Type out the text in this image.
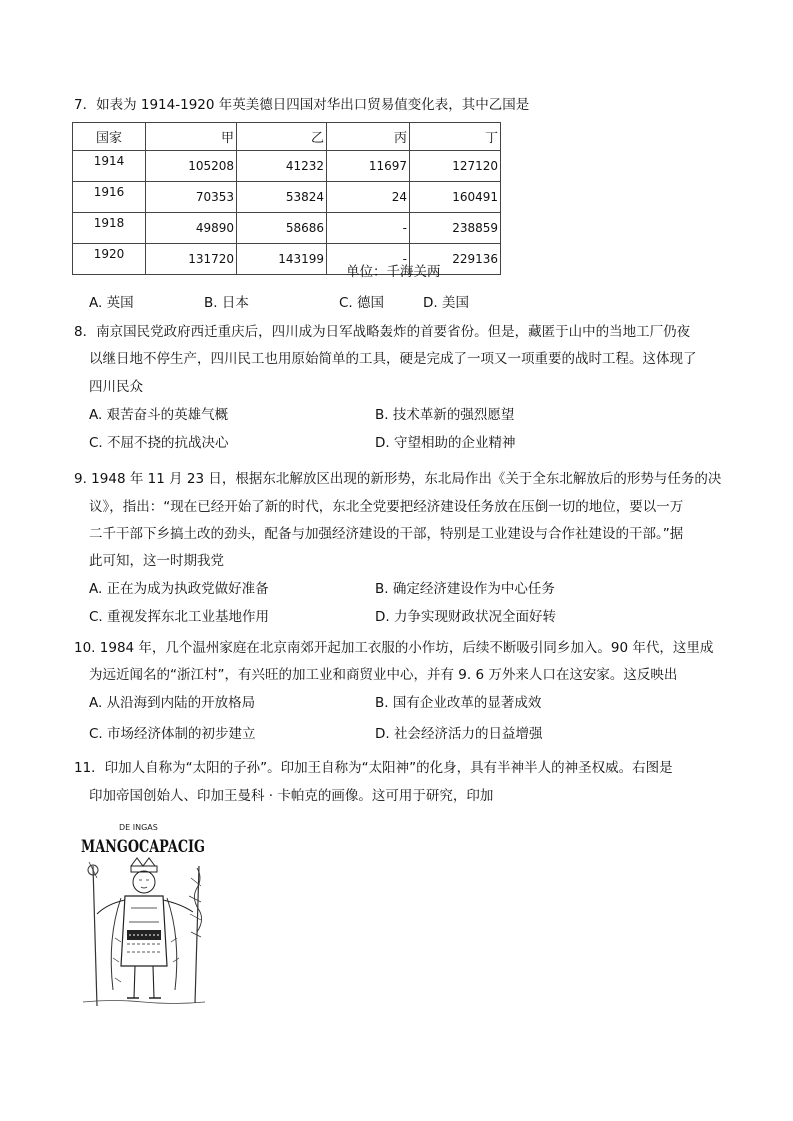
7．如表为 1914-1920 年英美德日四国对华出口贸易值变化表，其中乙国是
国家	甲	乙	丙	丁
1914	105208	41232	11697	127120
1916	70353	53824	24	160491
1918	49890	58686	-	238859
1920	131720	143199	-	229136
单位：千海关两
A. 英国	B. 日本	C. 德国	D. 美国
8．南京国民党政府西迁重庆后，四川成为日军战略轰炸的首要省份。但是，藏匿于山中的当地工厂仍夜
以继日地不停生产，四川民工也用原始简单的工具，硬是完成了一项又一项重要的战时工程。这体现了
四川民众
A. 艰苦奋斗的英雄气概	B. 技术革新的强烈愿望
C. 不屈不挠的抗战决心	D. 守望相助的企业精神
9. 1948 年 11 月 23 日，根据东北解放区出现的新形势，东北局作出《关于全东北解放后的形势与任务的决
议》，指出：“现在已经开始了新的时代，东北全党要把经济建设任务放在压倒一切的地位，要以一万
二千干部下乡搞土改的劲头，配备与加强经济建设的干部，特别是工业建设与合作社建设的干部。”据
此可知，这一时期我党
A. 正在为成为执政党做好准备	B. 确定经济建设作为中心任务
C. 重视发挥东北工业基地作用	D. 力争实现财政状况全面好转
10. 1984 年，几个温州家庭在北京南郊开起加工衣服的小作坊，后续不断吸引同乡加入。90 年代，这里成
为远近闻名的“浙江村”，有兴旺的加工业和商贸业中心，并有 9. 6 万外来人口在这安家。这反映出
A. 从沿海到内陆的开放格局	B. 国有企业改革的显著成效
C. 市场经济体制的初步建立	D. 社会经济活力的日益增强
11．印加人自称为“太阳的子孙”。印加王自称为“太阳神”的化身，具有半神半人的神圣权威。右图是
印加帝国创始人、印加王曼科 · 卡帕克的画像。这可用于研究，印加
DE INGAS
MANGOCAPACIG
